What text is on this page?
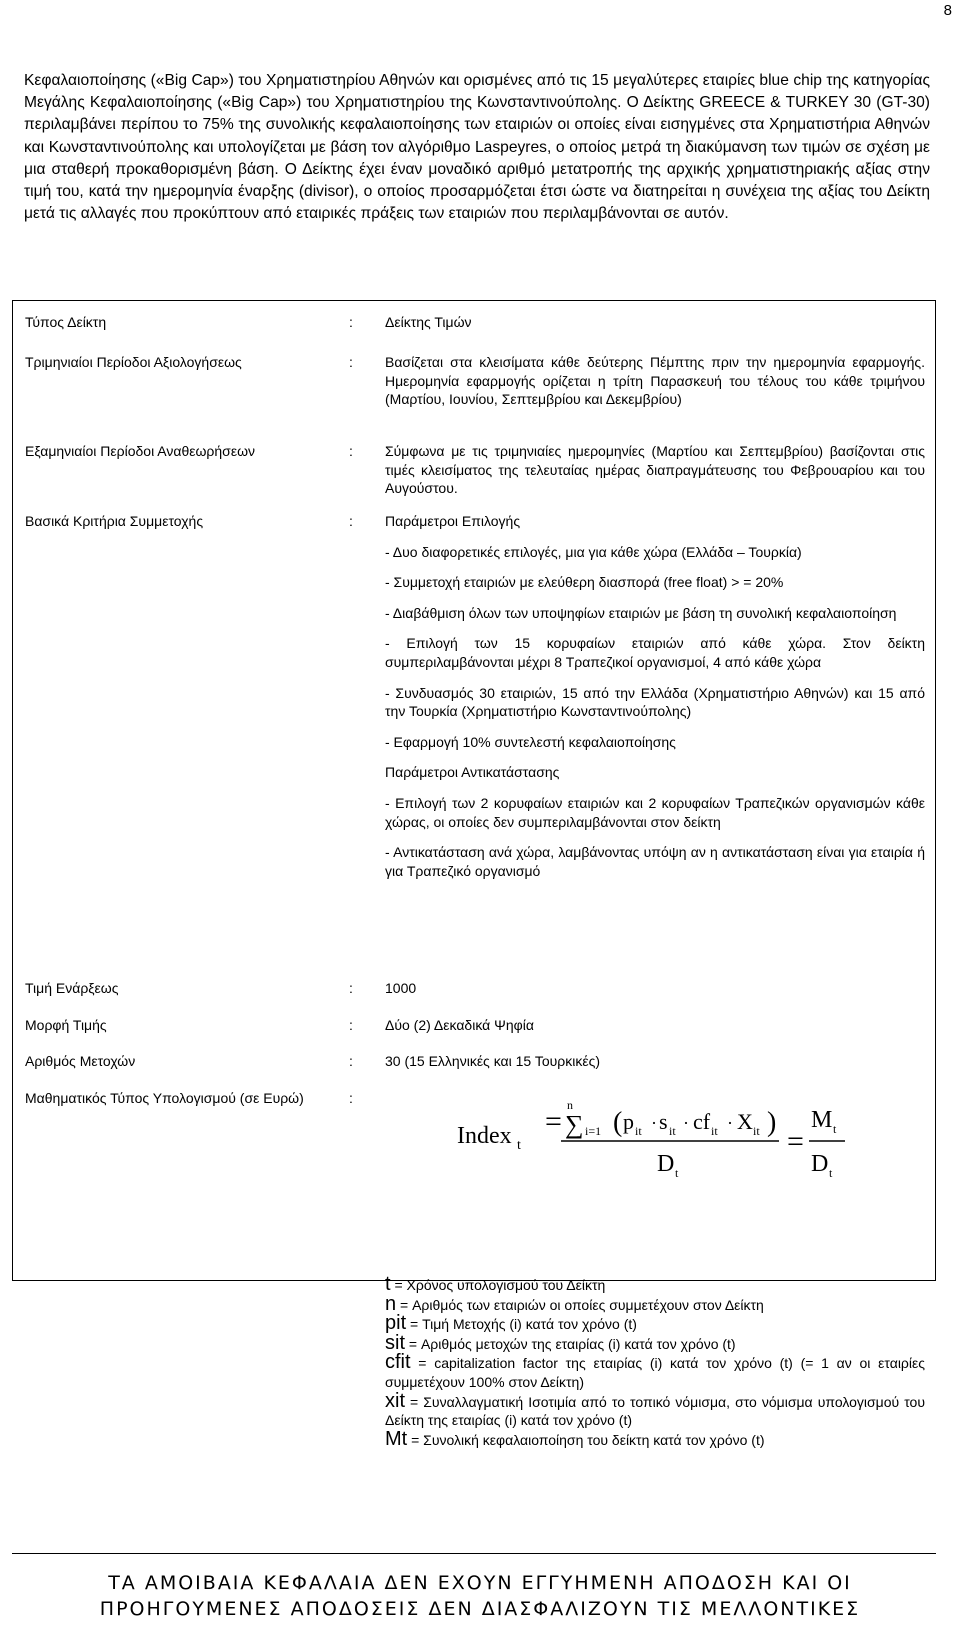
8

Κεφαλαιοποίησης («Big Cap») του Χρηματιστηρίου Αθηνών και ορισμένες από τις 15 μεγαλύτερες εταιρίες blue chip της κατηγορίας Μεγάλης Κεφαλαιοποίησης («Big Cap») του Χρηματιστηρίου της Κωνσταντινούπολης. Ο Δείκτης GREECE & TURKEY 30 (GT-30) περιλαμβάνει περίπου το 75% της συνολικής κεφαλαιοποίησης των εταιριών οι οποίες είναι εισηγμένες στα Χρηματιστήρια Αθηνών και Κωνσταντινούπολης και υπολογίζεται με βάση τον αλγόριθμο Laspeyres, ο οποίος μετρά τη διακύμανση των τιμών σε σχέση με μια σταθερή προκαθορισμένη βάση. Ο Δείκτης έχει έναν μοναδικό αριθμό μετατροπής της αρχικής χρηματιστηριακής αξίας στην τιμή του, κατά την ημερομηνία έναρξης (divisor), ο οποίος προσαρμόζεται έτσι ώστε να διατηρείται η συνέχεια της αξίας του Δείκτη μετά τις αλλαγές που προκύπτουν από εταιρικές πράξεις των εταιριών που περιλαμβάνονται σε αυτόν.

Τύπος Δείκτη	: Δείκτης Τιμών
Τριμηνιαίοι Περίοδοι Αξιολογήσεως	: Βασίζεται στα κλεισίματα κάθε δεύτερης Πέμπτης πριν την ημερομηνία εφαρμογής. Ημερομηνία εφαρμογής ορίζεται η τρίτη Παρασκευή του τέλους του κάθε τριμήνου (Μαρτίου, Ιουνίου, Σεπτεμβρίου και Δεκεμβρίου)
Εξαμηνιαίοι Περίοδοι Αναθεωρήσεων	: Σύμφωνα με τις τριμηνιαίες ημερομηνίες (Μαρτίου και Σεπτεμβρίου) βασίζονται στις τιμές κλεισίματος της τελευταίας ημέρας διαπραγμάτευσης του Φεβρουαρίου και του Αυγούστου.
Βασικά Κριτήρια Συμμετοχής	: Παράμετροι Επιλογής

- Δυο διαφορετικές επιλογές, μια για κάθε χώρα (Ελλάδα – Τουρκία)

- Συμμετοχή εταιριών με ελεύθερη διασπορά (free float) > = 20%

- Διαβάθμιση όλων των υποψηφίων εταιριών με βάση τη συνολική κεφαλαιοποίηση

- Επιλογή των 15 κορυφαίων εταιριών από κάθε χώρα. Στον δείκτη συμπεριλαμβάνονται μέχρι 8 Τραπεζικοί οργανισμοί, 4 από κάθε χώρα

- Συνδυασμός 30 εταιριών, 15 από την Ελλάδα (Χρηματιστήριο Αθηνών) και 15 από την Τουρκία (Χρηματιστήριο Κωνσταντινούπολης)

- Εφαρμογή 10% συντελεστή κεφαλαιοποίησης

Παράμετροι Αντικατάστασης

- Επιλογή των 2 κορυφαίων εταιριών και 2 κορυφαίων Τραπεζικών οργανισμών κάθε χώρας, οι οποίες δεν συμπεριλαμβάνονται στον δείκτη

- Αντικατάσταση ανά χώρα, λαμβάνοντας υπόψη αν η αντικατάσταση είναι για εταιρία ή για Τραπεζικό οργανισμό

Τιμή Ενάρξεως	: 1000
Μορφή Τιμής	: Δύο (2) Δεκαδικά Ψηφία
Αριθμός Μετοχών	: 30 (15 Ελληνικές και 15 Τουρκικές)
Μαθηματικός Τύπος Υπολογισμού (σε Ευρώ)	:
Index t
= n
∑ i=1 ( p it · s it · cf it · X it )
D t
=
M t
D t

t = Χρόνος υπολογισμού του Δείκτη

n = Αριθμός των εταιριών οι οποίες συμμετέχουν στον Δείκτη

pit = Τιμή Μετοχής (i) κατά τον χρόνο (t)

sit = Αριθμός μετοχών της εταιρίας (i) κατά τον χρόνο (t)

cfit = capitalization factor της εταιρίας (i) κατά τον χρόνο (t) (= 1 αν οι εταιρίες συμμετέχουν 100% στον Δείκτη)

xit = Συναλλαγματική Ισοτιμία από το τοπικό νόμισμα, στο νόμισμα υπολογισμού του Δείκτη της εταιρίας (i) κατά τον χρόνο (t)

Mt = Συνολική κεφαλαιοποίηση του δείκτη κατά τον χρόνο (t)

ΤΑ ΑΜΟΙΒΑΙΑ ΚΕΦΑΛΑΙΑ ΔΕΝ ΕΧΟΥΝ ΕΓΓΥΗΜΕΝΗ ΑΠΟΔΟΣΗ ΚΑΙ ΟΙ
ΠΡΟΗΓΟΥΜΕΝΕΣ ΑΠΟΔΟΣΕΙΣ ΔΕΝ ΔΙΑΣΦΑΛΙΖΟΥΝ ΤΙΣ ΜΕΛΛΟΝΤΙΚΕΣ
